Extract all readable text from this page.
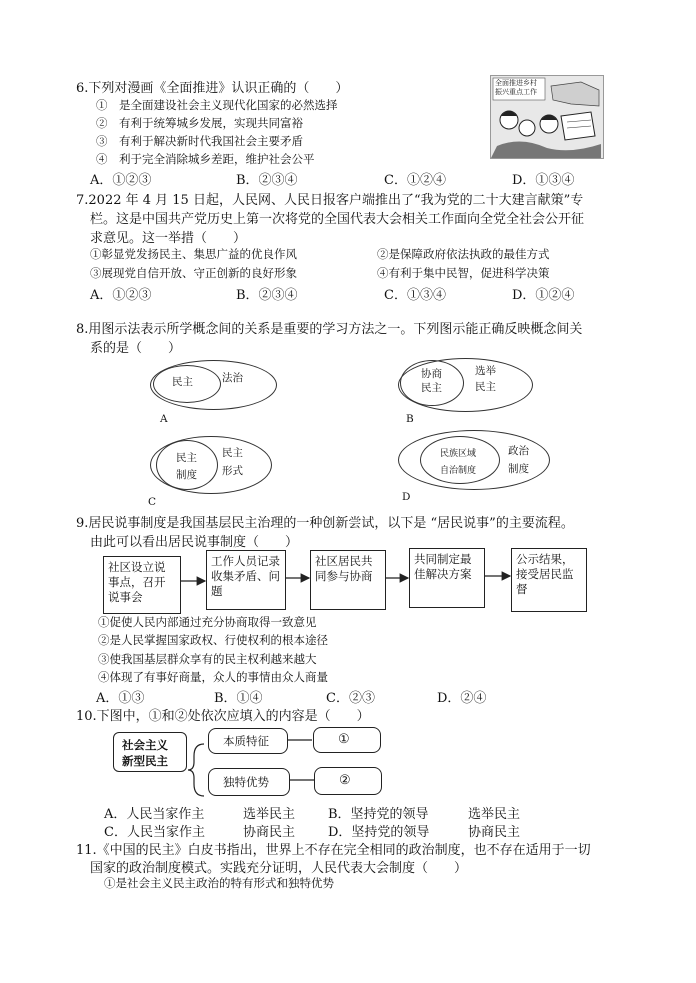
6.下列对漫画《全面推进》认识正确的（　　）
①　是全面建设社会主义现代化国家的必然选择
②　有利于统筹城乡发展，实现共同富裕
③　有利于解决新时代我国社会主要矛盾
④　利于完全消除城乡差距，维护社会公平
A．①②③	B．②③④	C．①②④	D．①③④
全面推进乡村振兴重点工作
7.2022 年 4 月 15 日起，人民网、人民日报客户端推出了“我为党的二十大建言献策”专
栏。这是中国共产党历史上第一次将党的全国代表大会相关工作面向全党全社会公开征
求意见。这一举措（　　）
①彰显党发扬民主、集思广益的优良作风	②是保障政府依法执政的最佳方式
③展现党自信开放、守正创新的良好形象	④有利于集中民智，促进科学决策
A．①②③	B．②③④	C．①③④	D．①②④
8.用图示法表示所学概念间的关系是重要的学习方法之一。下列图示能正确反映概念间关
系的是（　　）
民主	法治
A
协商
民主
选举
民主
B
民主
制度
民主
形式
C
民族区域
自治制度
政治
制度
D
9.居民说事制度是我国基层民主治理的一种创新尝试，以下是 “居民说事”的主要流程。
由此可以看出居民说事制度（　　）
社区设立说事点，召开说事会
工作人员记录收集矛盾、问题
社区居民共同参与协商
共同制定最佳解决方案
公示结果，接受居民监督
①促使人民内部通过充分协商取得一致意见
②是人民掌握国家政权、行使权利的根本途径
③使我国基层群众享有的民主权利越来越大
④体现了有事好商量，众人的事情由众人商量
A．①③	B．①④	C．②③	D．②④
10.下图中，①和②处依次应填入的内容是（　　）
社会主义
新型民主
本质特征
独特优势
①
②
A．人民当家作主	选举民主	B．坚持党的领导	选举民主
C．人民当家作主	协商民主	D．坚持党的领导	协商民主
11.《中国的民主》白皮书指出，世界上不存在完全相同的政治制度，也不存在适用于一切
国家的政治制度模式。实践充分证明，人民代表大会制度（　　）
①是社会主义民主政治的特有形式和独特优势
